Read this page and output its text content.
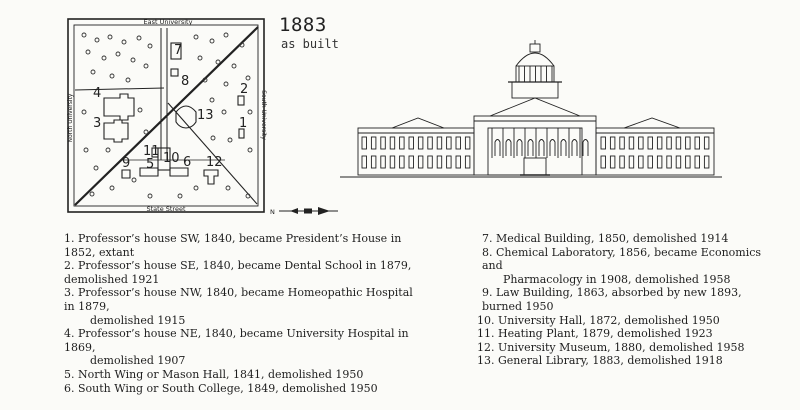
East University
State Street
North University	South University
7
8
2
4
13
3	1
11 10
9 5 6 12
N
1883
as built

1. Professor’s house SW, 1840, became President’s House in 1852, extant

2. Professor’s house SE, 1840, became Dental School in 1879, demolished 1921

3. Professor’s house NW, 1840, became Homeopathic Hospital in 1879,

demolished 1915

4. Professor’s house NE, 1840, became University Hospital in 1869,

demolished 1907

5. North Wing or Mason Hall, 1841, demolished 1950

6. South Wing or South College, 1849, demolished 1950

7. Medical Building, 1850, demolished 1914

8. Chemical Laboratory, 1856, became Economics and

Pharmacology in 1908, demolished 1958

9. Law Building, 1863, absorbed by new 1893, burned 1950

10. University Hall, 1872, demolished 1950

11. Heating Plant, 1879, demolished 1923

12. University Museum, 1880, demolished 1958

13. General Library, 1883, demolished 1918
